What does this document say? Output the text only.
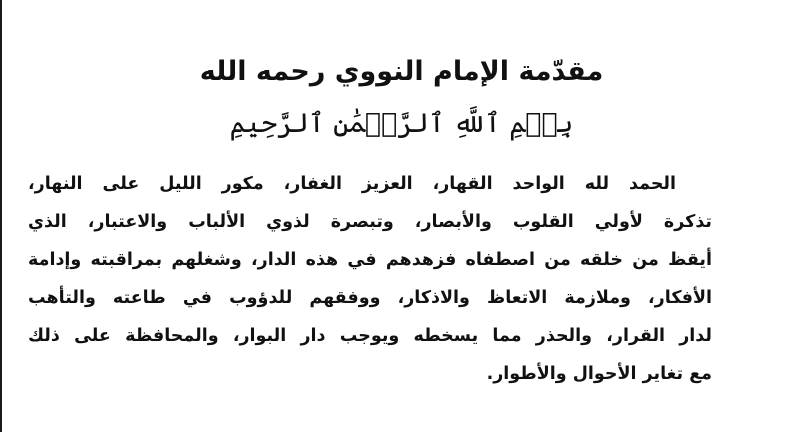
مقدّمة الإمام النووي رحمه الله
بِسۡمِ ٱللَّهِ ٱلرَّحۡمَٰنِ ٱلرَّحِيمِ
الحمد لله الواحد القهار، العزيز الغفار، مكور الليل على النهار،
تذكرة لأولي القلوب والأبصار، وتبصرة لذوي الألباب والاعتبار، الذي
أيقظ من خلقه من اصطفاه فزهدهم في هذه الدار، وشغلهم بمراقبته وإدامة
الأفكار، وملازمة الاتعاظ والاذكار، ووفقهم للدؤوب في طاعته والتأهب
لدار القرار، والحذر مما يسخطه ويوجب دار البوار، والمحافظة على ذلك
مع تغاير الأحوال والأطوار.
